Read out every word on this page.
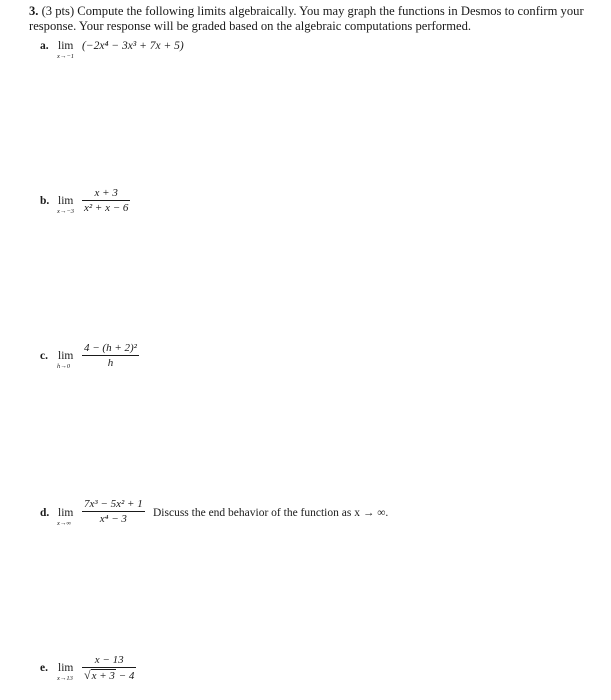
3. (3 pts) Compute the following limits algebraically. You may graph the functions in Desmos to confirm your response. Your response will be graded based on the algebraic computations performed.

a. lim
x→−1
(−2x⁴ − 3x³ + 7x + 5)
b. lim
$x\to-3 \frac{x + 3}{\text{x² + x − 6}}$
c. lim
$h\to 0 \frac{\text{4 − (h + 2)²}}{h}$
d. lim
$x\to\infty \frac{\text{7x³ − 5x² + 1}}{\text{x⁴ − 3}}$ Discuss the end behavior of the function as x → ∞.
e. lim
$x\to 13 \frac{x - 13}{√x + 3 - 4}$
